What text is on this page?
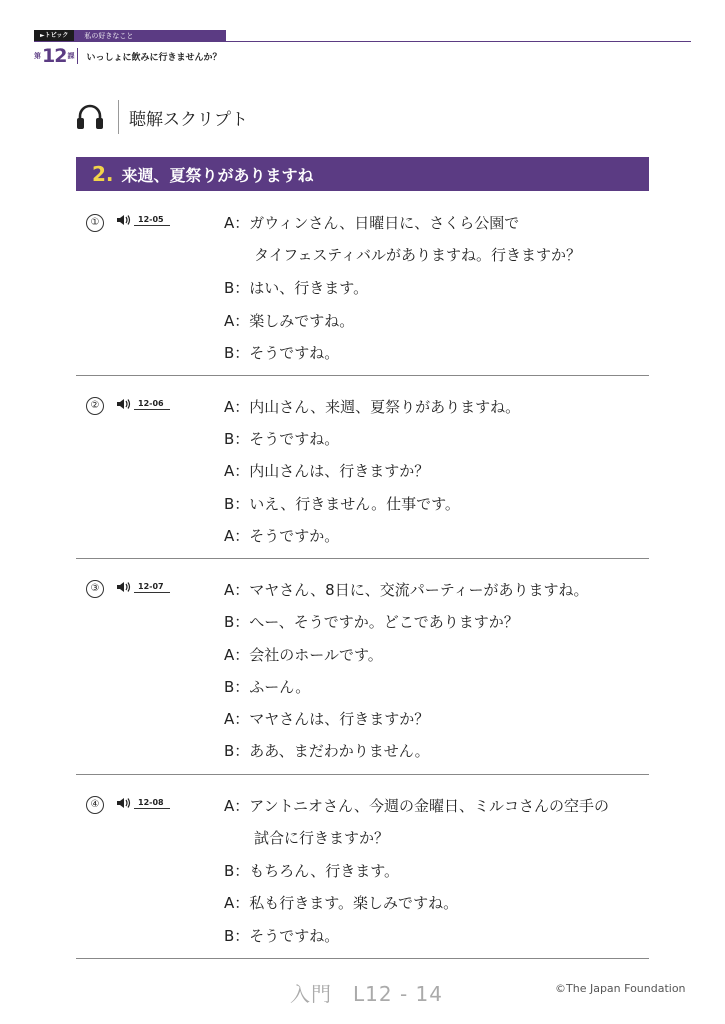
►トピック	私の好きなこと
第 12 課 いっしょに飲みに行きませんか？
聴解スクリプト
2. 来週、夏祭りがありますね
①	12-05	A：ガウィンさん、日曜日に、さくら公園で
タイフェスティバルがありますね。行きますか？
B：はい、行きます。
A：楽しみですね。
B：そうですね。
②	12-06	A：内山さん、来週、夏祭りがありますね。
B：そうですね。
A：内山さんは、行きますか？
B：いえ、行きません。仕事です。
A：そうですか。
③	12-07	A：マヤさん、8日に、交流パーティーがありますね。
B：へー、そうですか。どこでありますか？
A：会社のホールです。
B：ふーん。
A：マヤさんは、行きますか？
B：ああ、まだわかりません。
④	12-08	A：アントニオさん、今週の金曜日、ミルコさんの空手の
試合に行きますか？
B：もちろん、行きます。
A：私も行きます。楽しみですね。
B：そうですね。
入門　L12 - 14	©The Japan Foundation
